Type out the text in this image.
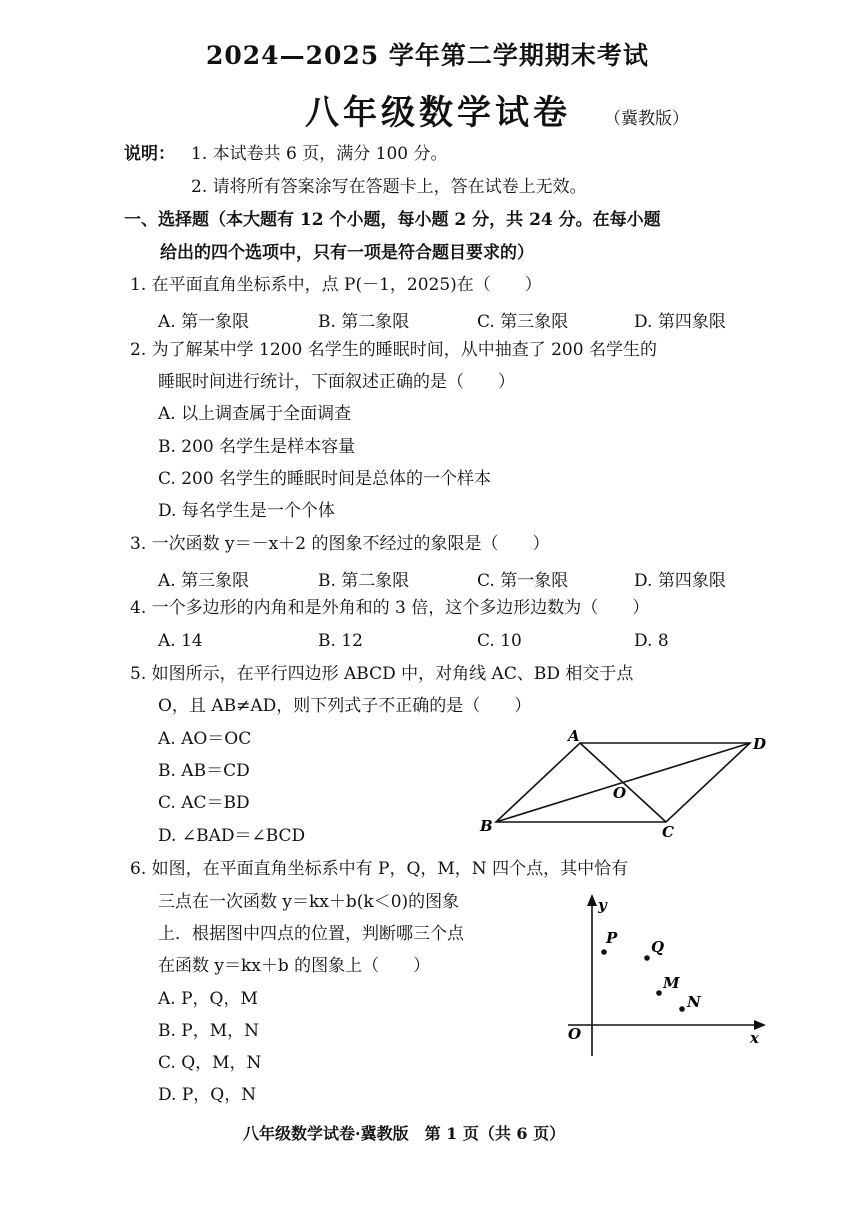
2024—2025 学年第二学期期末考试
八年级数学试卷 （冀教版）
说明： 1. 本试卷共 6 页，满分 100 分。
2. 请将所有答案涂写在答题卡上，答在试卷上无效。
一、选择题（本大题有 12 个小题，每小题 2 分，共 24 分。在每小题
给出的四个选项中，只有一项是符合题目要求的）
1. 在平面直角坐标系中，点 P(－1，2025)在（　　）
A. 第一象限	B. 第二象限	C. 第三象限	D. 第四象限
2. 为了解某中学 1200 名学生的睡眠时间，从中抽查了 200 名学生的
睡眠时间进行统计，下面叙述正确的是（　　）
A. 以上调查属于全面调查
B. 200 名学生是样本容量
C. 200 名学生的睡眠时间是总体的一个样本
D. 每名学生是一个个体
3. 一次函数 y＝－x＋2 的图象不经过的象限是（　　）
A. 第三象限	B. 第二象限	C. 第一象限	D. 第四象限
4. 一个多边形的内角和是外角和的 3 倍，这个多边形边数为（　　）
A. 14	B. 12	C. 10	D. 8
5. 如图所示，在平行四边形 ABCD 中，对角线 AC、BD 相交于点
O，且 AB≠AD，则下列式子不正确的是（　　）
A. AO＝OC
B. AB＝CD
C. AC＝BD
D. ∠BAD＝∠BCD
A	D
B	C
O
6. 如图，在平面直角坐标系中有 P，Q，M，N 四个点，其中恰有
三点在一次函数 y＝kx＋b(k＜0)的图象
上．根据图中四点的位置，判断哪三个点
在函数 y＝kx＋b 的图象上（　　）
A. P，Q，M
B. P，M，N
C. Q，M，N
D. P，Q，N
y
x
O
P Q
M
N
八年级数学试卷·冀教版　第 1 页（共 6 页）
